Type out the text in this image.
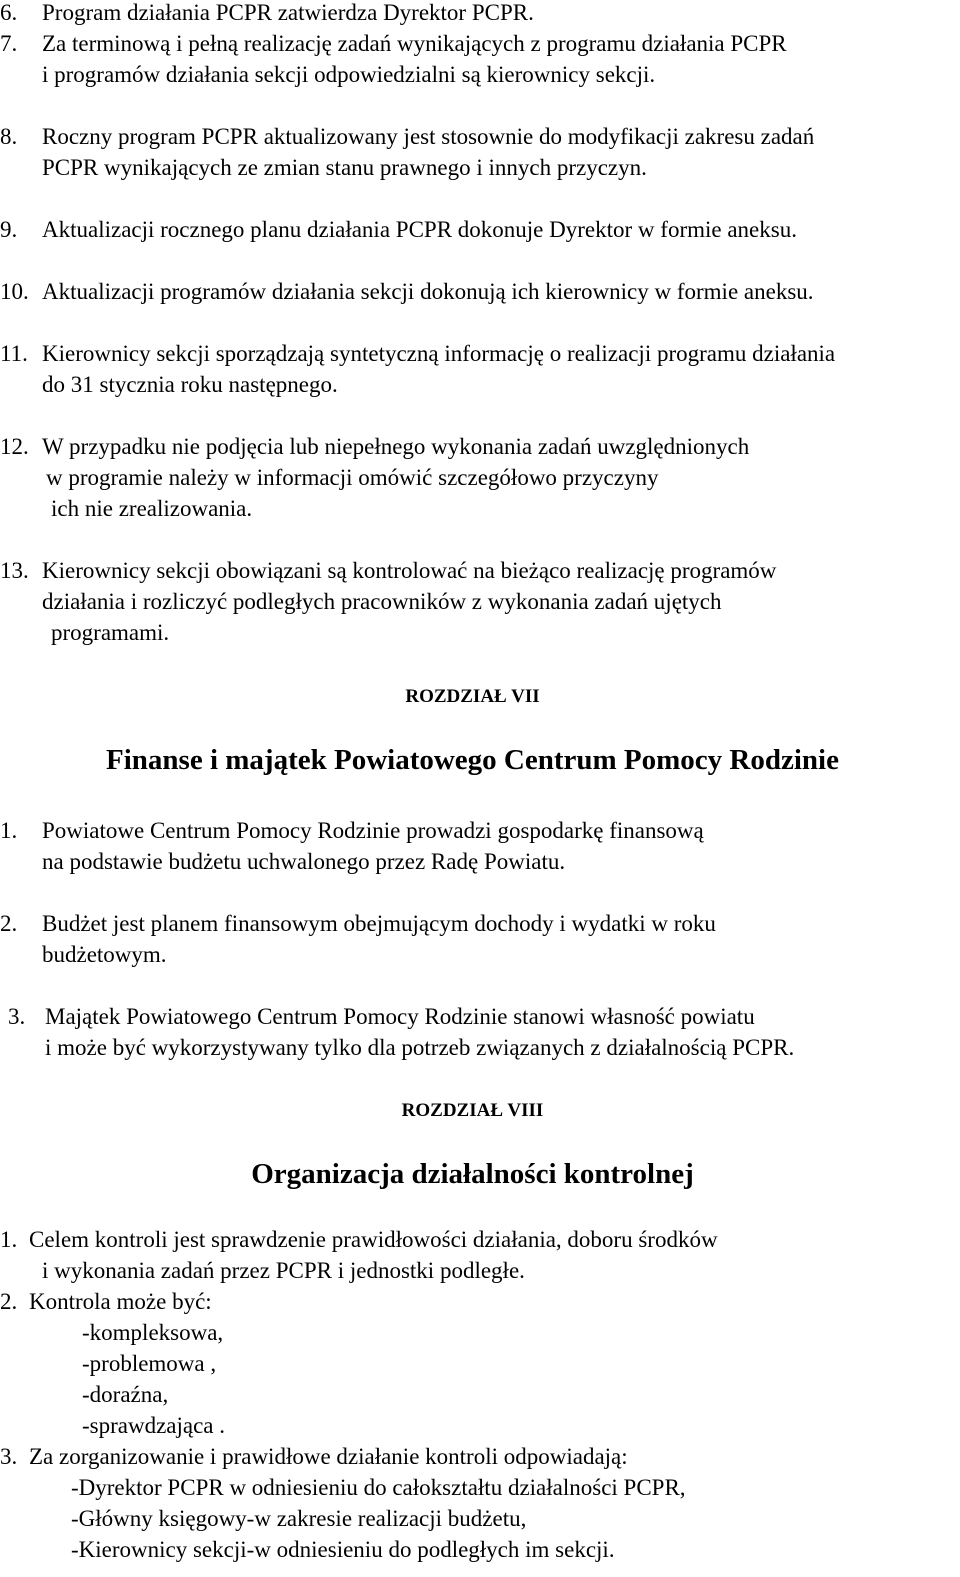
6. Program działania PCPR zatwierdza Dyrektor PCPR.
7. Za terminową i pełną realizację zadań wynikających z programu działania PCPR
i programów działania sekcji odpowiedzialni są kierownicy sekcji.
8. Roczny program PCPR aktualizowany jest stosownie do modyfikacji zakresu zadań
PCPR wynikających ze zmian stanu prawnego i innych przyczyn.
9. Aktualizacji rocznego planu działania PCPR dokonuje Dyrektor w formie aneksu.
10. Aktualizacji programów działania sekcji dokonują ich kierownicy w formie aneksu.
11. Kierownicy sekcji sporządzają syntetyczną informację o realizacji programu działania
do 31 stycznia roku następnego.
12. W przypadku nie podjęcia lub niepełnego wykonania zadań uwzględnionych
w programie należy w informacji omówić szczegółowo przyczyny
ich nie zrealizowania.
13. Kierownicy sekcji obowiązani są kontrolować na bieżąco realizację programów
działania i rozliczyć podległych pracowników z wykonania zadań ujętych
programami.
ROZDZIAŁ VII
Finanse i majątek Powiatowego Centrum Pomocy Rodzinie
1. Powiatowe Centrum Pomocy Rodzinie prowadzi gospodarkę finansową
na podstawie budżetu uchwalonego przez Radę Powiatu.
2. Budżet jest planem finansowym obejmującym dochody i wydatki w roku
budżetowym.
3. Majątek Powiatowego Centrum Pomocy Rodzinie stanowi własność powiatu
i może być wykorzystywany tylko dla potrzeb związanych z działalnością PCPR.
ROZDZIAŁ VIII
Organizacja działalności kontrolnej
1. Celem kontroli jest sprawdzenie prawidłowości działania, doboru środków
i wykonania zadań przez PCPR i jednostki podległe.
2. Kontrola może być:
-kompleksowa,
-problemowa ,
-doraźna,
-sprawdzająca .
3. Za zorganizowanie i prawidłowe działanie kontroli odpowiadają:
-Dyrektor PCPR w odniesieniu do całokształtu działalności PCPR,
-Główny księgowy-w zakresie realizacji budżetu,
-Kierownicy sekcji-w odniesieniu do podległych im sekcji.
